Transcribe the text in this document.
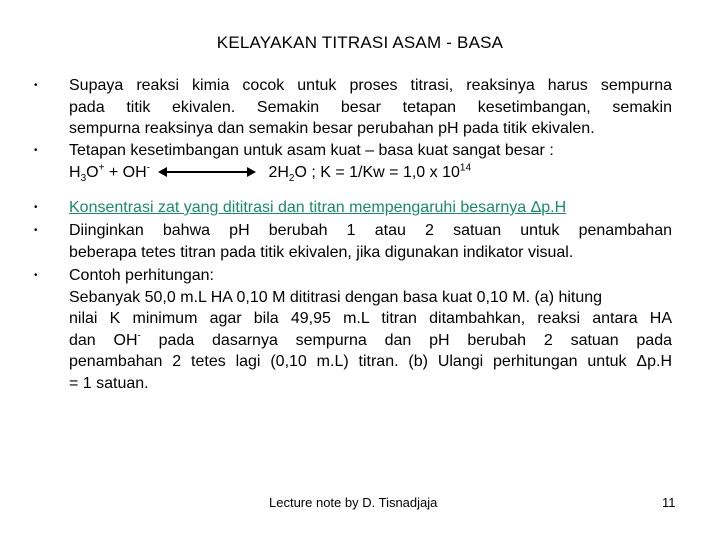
KELAYAKAN TITRASI ASAM - BASA
•
•
•
•
•
Supaya reaksi kimia cocok untuk proses titrasi, reaksinya harus sempurna
pada titik ekivalen. Semakin besar tetapan kesetimbangan, semakin
sempurna reaksinya dan semakin besar perubahan pH pada titik ekivalen.
Tetapan kesetimbangan untuk asam kuat – basa kuat sangat besar :
$H_3O^+ + OH^-$	$2H_2O$ ; K = 1/Kw = 1,0 x $10^{14}$
Konsentrasi zat yang dititrasi dan titran mempengaruhi besarnya Δp.H
Diinginkan bahwa pH berubah 1 atau 2 satuan untuk penambahan
beberapa tetes titran pada titik ekivalen, jika digunakan indikator visual.
Contoh perhitungan:
Sebanyak 50,0 m.L HA 0,10 M dititrasi dengan basa kuat 0,10 M. (a) hitung
nilai K minimum agar bila 49,95 m.L titran ditambahkan, reaksi antara HA
dan OH- pada dasarnya sempurna dan pH berubah 2 satuan pada
penambahan 2 tetes lagi (0,10 m.L) titran. (b) Ulangi perhitungan untuk Δp.H
= 1 satuan.
Lecture note by D. Tisnadjaja	11
